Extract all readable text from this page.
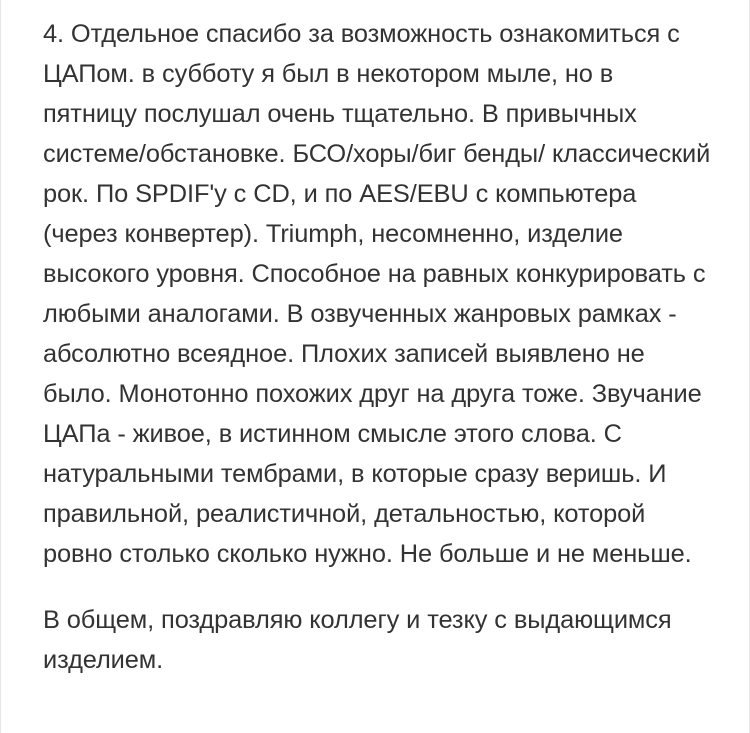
4. Отдельное спасибо за возможность ознакомиться с ЦАПом. в субботу я был в некотором мыле, но в пятницу послушал очень тщательно. В привычных системе/обстановке. БСО/хоры/биг бенды/ классический рок. По SPDIF'у с CD, и по AES/EBU с компьютера (через конвертер). Triumph, несомненно, изделие высокого уровня. Способное на равных конкурировать с любыми аналогами. В озвученных жанровых рамках - абсолютно всеядное. Плохих записей выявлено не было. Монотонно похожих друг на друга тоже. Звучание ЦАПа - живое, в истинном смысле этого слова. С натуральными тембрами, в которые сразу веришь. И правильной, реалистичной, детальностью, которой ровно столько сколько нужно. Не больше и не меньше.

В общем, поздравляю коллегу и тезку с выдающимся изделием.
